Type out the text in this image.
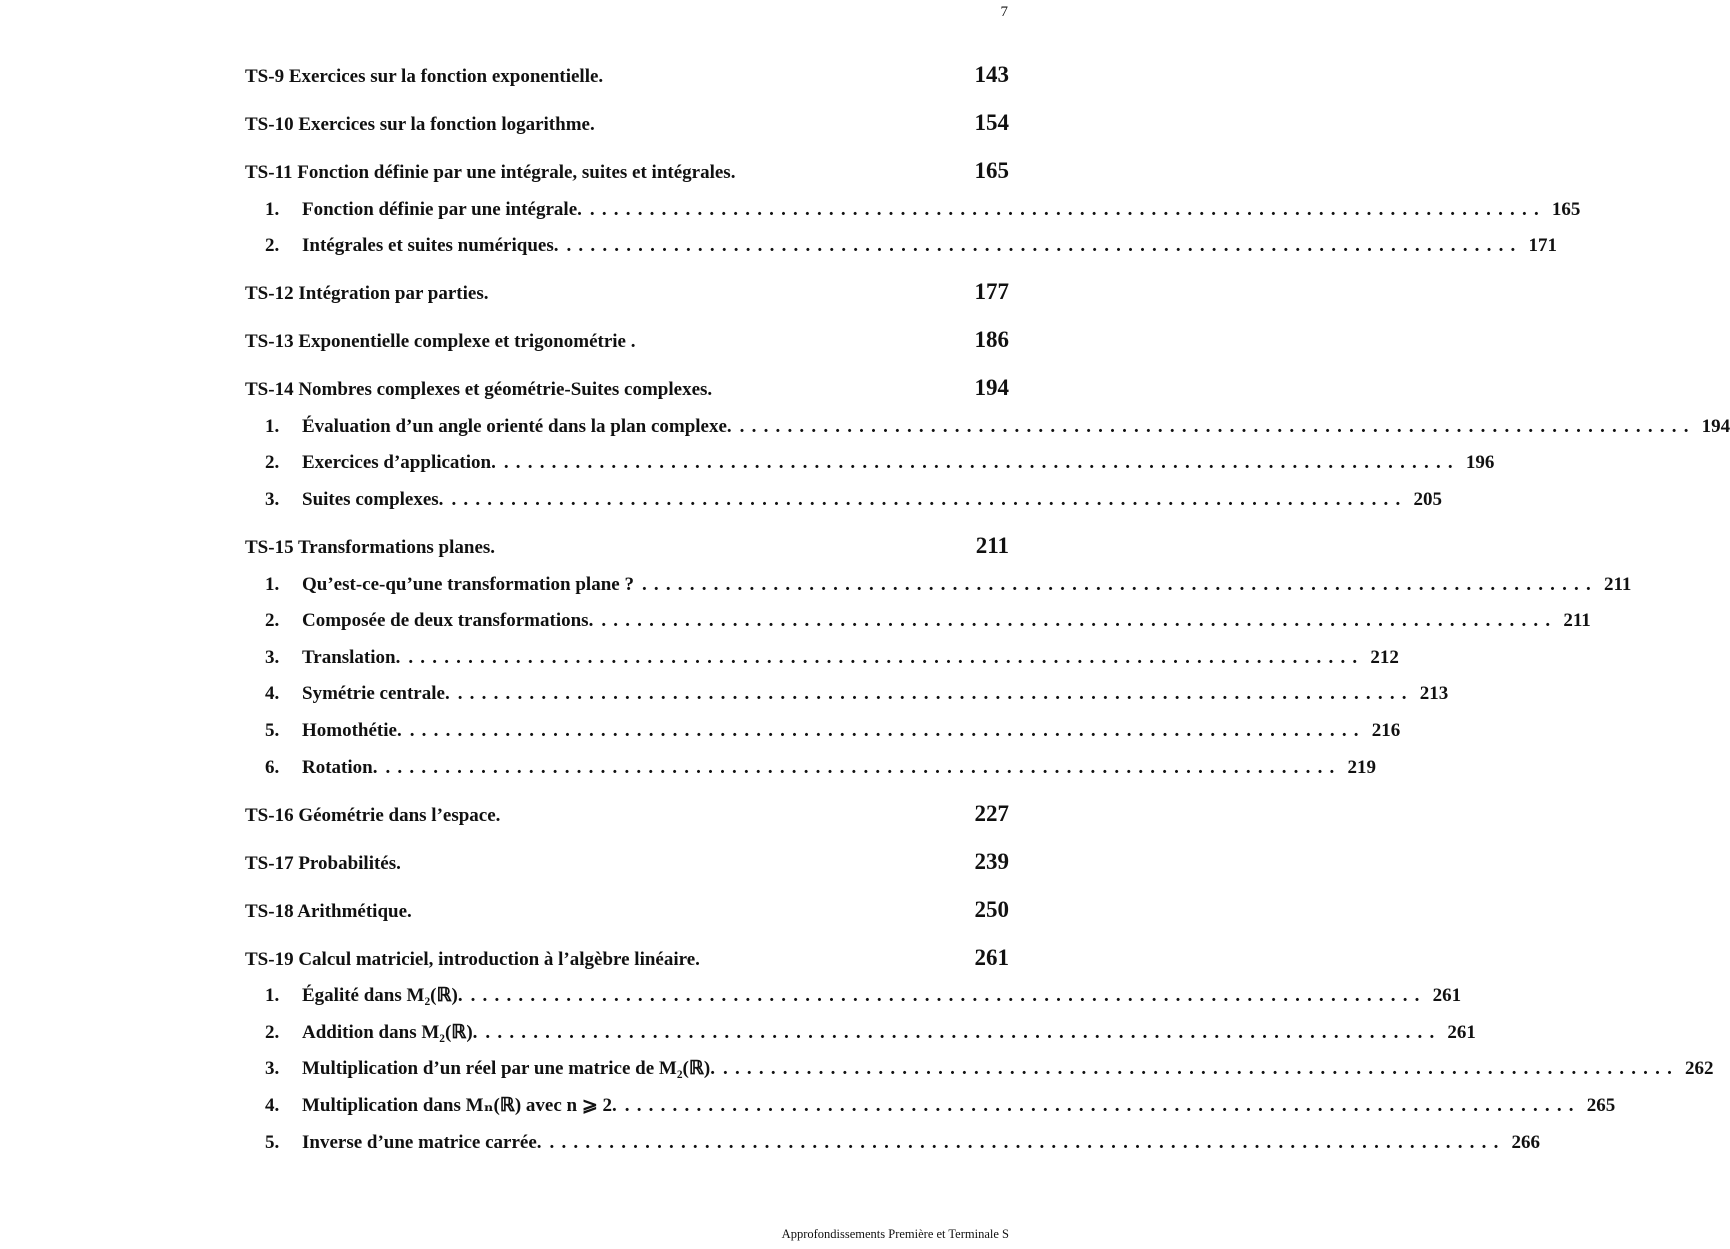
7
TS-9 Exercices sur la fonction exponentielle.	143
TS-10 Exercices sur la fonction logarithme.	154
TS-11 Fonction définie par une intégrale, suites et intégrales.	165
1.	Fonction définie par une intégrale. ................................................................................ 165
2.	Intégrales et suites numériques. ................................................................................ 171
TS-12 Intégration par parties.	177
TS-13 Exponentielle complexe et trigonométrie .	186
TS-14 Nombres complexes et géométrie-Suites complexes.	194
1.	Évaluation d’un angle orienté dans la plan complexe. ................................................................................ 194
2.	Exercices d’application. ................................................................................ 196
3.	Suites complexes. ................................................................................ 205
TS-15 Transformations planes.	211
1.	Qu’est-ce-qu’une transformation plane ? ................................................................................ 211
2.	Composée de deux transformations. ................................................................................ 211
3.	Translation. ................................................................................ 212
4.	Symétrie centrale. ................................................................................ 213
5.	Homothétie. ................................................................................ 216
6.	Rotation. ................................................................................ 219
TS-16 Géométrie dans l’espace.	227
TS-17 Probabilités.	239
TS-18 Arithmétique.	250
TS-19 Calcul matriciel, introduction à l’algèbre linéaire.	261
1.	Égalité dans M₂(ℝ). ................................................................................ 261
2.	Addition dans M₂(ℝ). ................................................................................ 261
3.	Multiplication d’un réel par une matrice de M₂(ℝ). ................................................................................ 262
4.	Multiplication dans Mₙ(ℝ) avec n ⩾ 2. ................................................................................ 265
5.	Inverse d’une matrice carrée. ................................................................................ 266
Approfondissements Première et Terminale S
